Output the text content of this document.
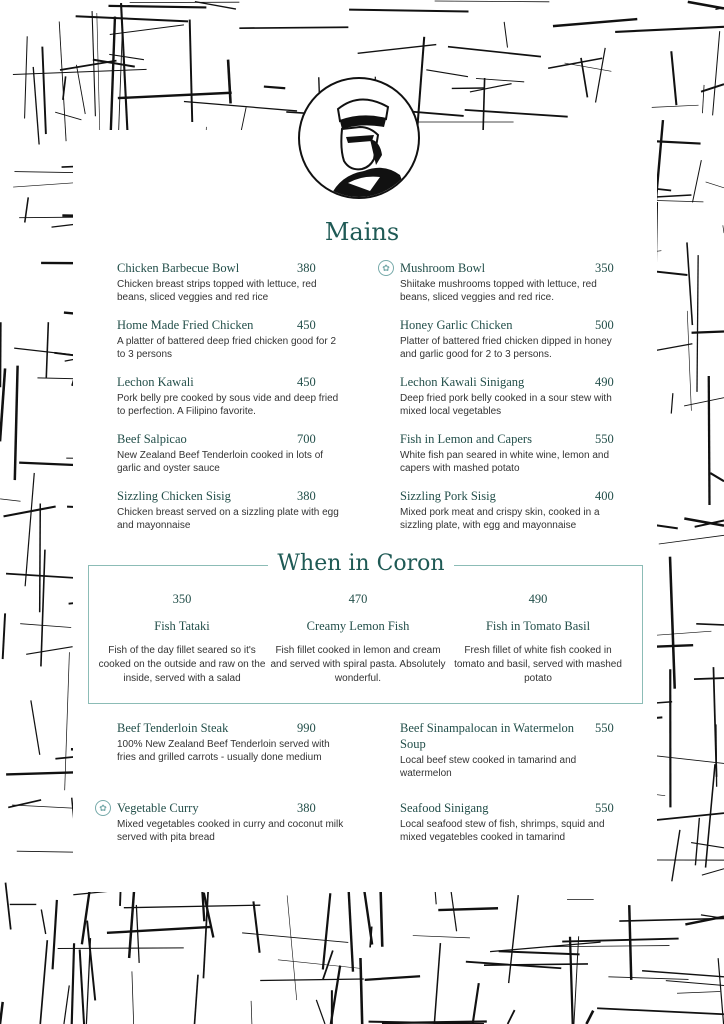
Mains
Chicken Barbecue Bowl	380
Chicken breast strips topped with lettuce, red beans, sliced veggies and red rice
Home Made Fried Chicken	450
A platter of battered deep fried chicken good for 2 to 3 persons
Lechon Kawali	450
Pork belly pre cooked by sous vide and deep fried to perfection. A Filipino favorite.
Beef Salpicao	700
New Zealand Beef Tenderloin cooked in lots of garlic and oyster sauce
Sizzling Chicken Sisig	380
Chicken breast served on a sizzling plate with egg and mayonnaise
✿ Mushroom Bowl	350
Shiitake mushrooms topped with lettuce, red beans, sliced veggies and red rice.
Honey Garlic Chicken	500
Platter of battered fried chicken dipped in honey and garlic good for 2 to 3 persons.
Lechon Kawali Sinigang	490
Deep fried pork belly cooked in a sour stew with mixed local vegetables
Fish in Lemon and Capers	550
White fish pan seared in white wine, lemon and capers with mashed potato
Sizzling Pork Sisig	400
Mixed pork meat and crispy skin, cooked in a sizzling plate, with egg and mayonnaise
When in Coron
350
Fish Tataki
Fish of the day fillet seared so it's cooked on the outside and raw on the inside, served with a salad
470
Creamy Lemon Fish
Fish fillet cooked in lemon and cream and served with spiral pasta. Absolutely wonderful.
490
Fish in Tomato Basil
Fresh fillet of white fish cooked in tomato and basil, served with mashed potato
Beef Tenderloin Steak	990
100% New Zealand Beef Tenderloin served with fries and grilled carrots - usually done medium
✿ Vegetable Curry	380
Mixed vegetables cooked in curry and coconut milk served with pita bread
Beef Sinampalocan in Watermelon Soup
550
Local beef stew cooked in tamarind and watermelon
Seafood Sinigang	550
Local seafood stew of fish, shrimps, squid and mixed vegatebles cooked in tamarind
